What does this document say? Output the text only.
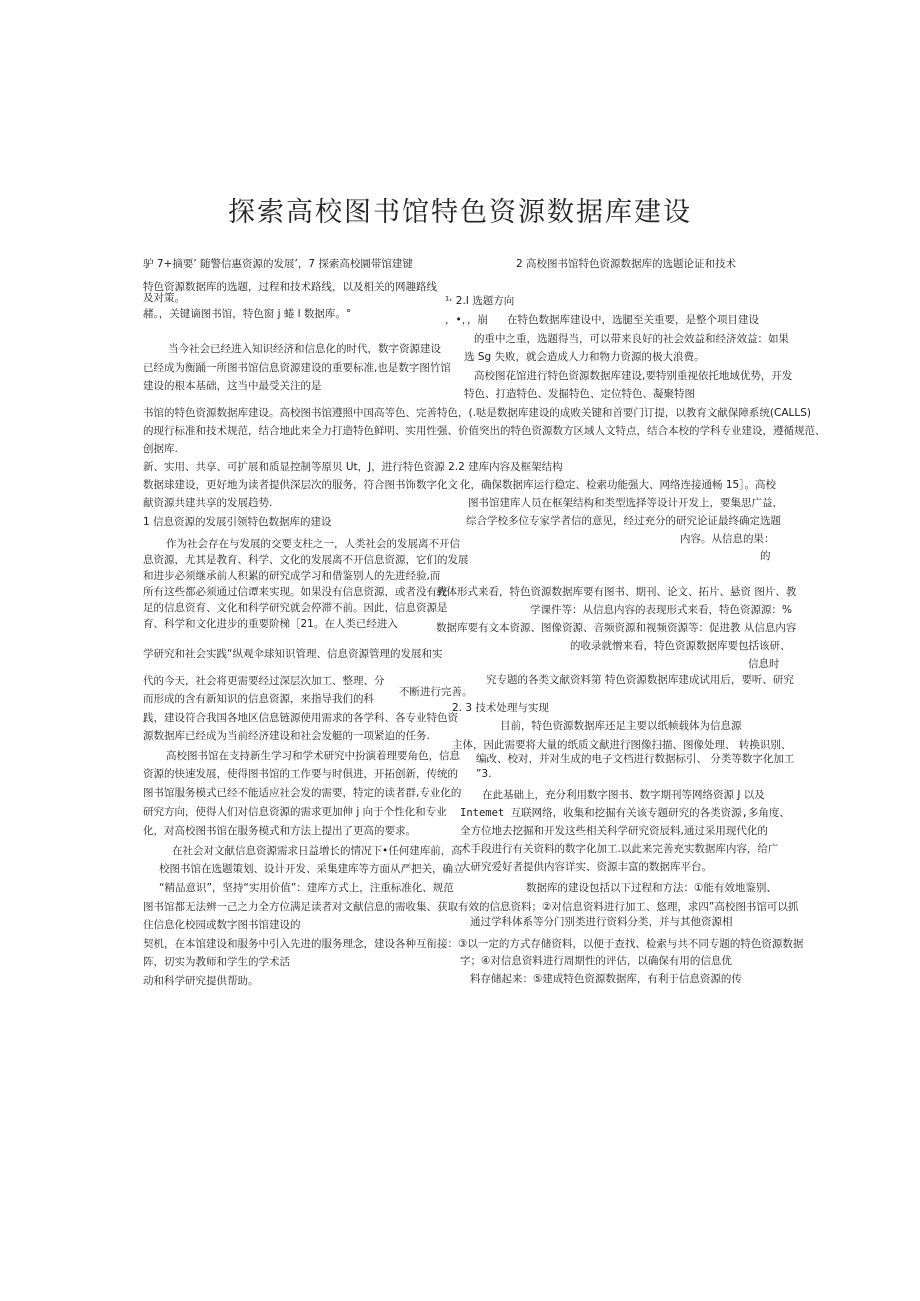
探索高校图书馆特色资源数据库建设
驴 7+摘要’ 随警信惠资源的发展’，7 探索高校圜带馆建键
特色资源数据库的选题，过程和技术路线，以及相关的网趣路线
及对策。
赭。，关键谪图书馆，特色窗 j 蜷 l 数据库。°
当今社会已经进入知识经济和信息化的时代，数字资源建设
已经成为衡踊一所图书馆信息资源建设的重要标准,也是数字图竹馆
建设的根本基础，这当中最受关注的是
书馆的特色资源数据库建设。高校图书馆遵照中国高等色、完善特色，(.哒是数据库建设的成败关键和首要门订提，以教育文献保障系统(CALLS)
的现行标准和技术规范，结合地此来全力打造特色鲜明、实用性强、价值突出的特色资源数方区域人文特点，结合本校的学科专业建设，遵循规范、
创据库.
新、实用、共享、可扩展和质显控制等原贝 Ut，J，进行特色资源 2.2 建库内容及框架结构
数据球建设，更好地为读者提供深层次的服务，符合图书饰数字化文
献资源共建共享的发展趋势.
1 信息资源的发展引领特色数据库的建设
作为社会存在与发展的交要支柱之一，人类社会的发展离不开信
息资源，尤其是教育、科学、文化的发展离不开信息资源，它们的发展
和进步必须继承前人积累的研究成学习和借鉴别人的先进经验,而
所有这些都必须通过信谭来实现。如果没有信息资源，或者没有充
足的信息资育、文化和科学研究就会停滞不前。因此，信息资源是
育、科学和文化进步的重要阶梯［21。在人类已经进入
学研究和社会实践“纵观伞球知识管理、信息资源管理的发展和实
代的今天，社会将更需要经过深层次加工、整理、分
而形成的含有新知识的信息资源，来指导我们的科
践，建设符合我国各地区信息链源使用需求的各学科、各专业特色资
源数据库已经成为当前经济建设和社会发艇的一项紧迫的任务.
高校图书馆在支持新生学习和学术研究中扮演着理要角色，信息
资源的快速发展，使得图书馆的工作要与时俱进，开拓创新，传统的
图书馆服务模式已经不能适应社会发的需要，特定的读者群,专业化的
研究方向，使得人们对信息资源的需求更加伸 j 向于个性化和专业
化，对高校图书馆在服务模式和方法上提出了更高的要求。
在社会对文献信息资源需求日益增长的情况下•任何建库前，高
校图书馆在选题策划、设计开发、采集建库等方面从严把关，确立
“精品意识”，坚持“实用价值”：建库方式上，注重标准化、规范
图书馆都无法辨一己之力全方位满足读者对文献信息的需收集、获取有效的信息资料；②对信息资料进行加工、悠理，求四”高校图书馆可以抓
住信息化校园或数字图书馆建设的
契机，在本馆建设和服务中引入先进的服务理念，建设各种互衔接：③以一定的方式存储资料，以便于查找、检索与共不同专题的特色资源数据
阵，切实为教师和学生的学术活
动和科学研究提供帮助。
2 高校图书馆特色资源数据库的选题论证和技术
¹˒ 2.Ⅰ 选题方向
，•，，崩 在特色数据库建设中，选腿至关重要，是整个项目建设
的重中之重，选题得当，可以带来良好的社会效益和经济效益：如果
选 Sg 失败，就会造成人力和物力资源的极大浪费。
高校图花馆进行特色资源数据库建设,要特别重视依托地域优势，开发
特色、打造特色、发掘特色、定位特色、凝聚特图
化，确保数据库运行稳定、检索功能强大、网络连接通畅 15］。高校
图书馆建库人员在框架结构和类型选择等设计开发上，要集思广益，
综合学校多位专家学者信的意见，经过充分的研究论证最终确定选题
内容。从信息的果：
的
载体形式来看，特色资源数据库要有图书、期刊、论文、拓片、悬资 图片、教
学课件等：从信息内容的表现形式来看，特色资源源：%
数据库要有文本资源、图像资源、音频资源和视频资源等：促进教 从信息内容
的收录就憎来看，特色资源数据库要包括该研、
信息时
究专题的各类文献资料第 特色资源数据库建成试用后，要听、研究
不断进行完善。
2. 3 技术处理与实现
目前，特色资源数据库还足主要以纸帧载体为信息源
主体，因此需要将大量的纸质文献进行图像扫描、图像处理、 转换识别、
编改、校对，并对生成的电子文档进行数据标引、 分类等数字化加工
”3.
在此基础上，充分利用数字图书、数字期刊等网络资源 J 以及
Intemet 互联网络，收集和挖掘有关该专题研究的各类资源,多角度、
全方位地去挖掘和开发这些相关科学研究资辰料,通过采用现代化的
术手段进行有关资料的数字化加工.以此来完善充实数据库内容，给广
大研究爱好者提供内容详实、资源丰富的数据库平台。
数据库的建设包括以下过程和方法：①能有效地鉴别、
通过学科体系等分门别类进行资料分类，并与其他资源相
字；④对信息资料进行周期性的评估，以确保有用的信息优
料存储起来：⑤建成特色资源数据库，有利于信息资源的传
